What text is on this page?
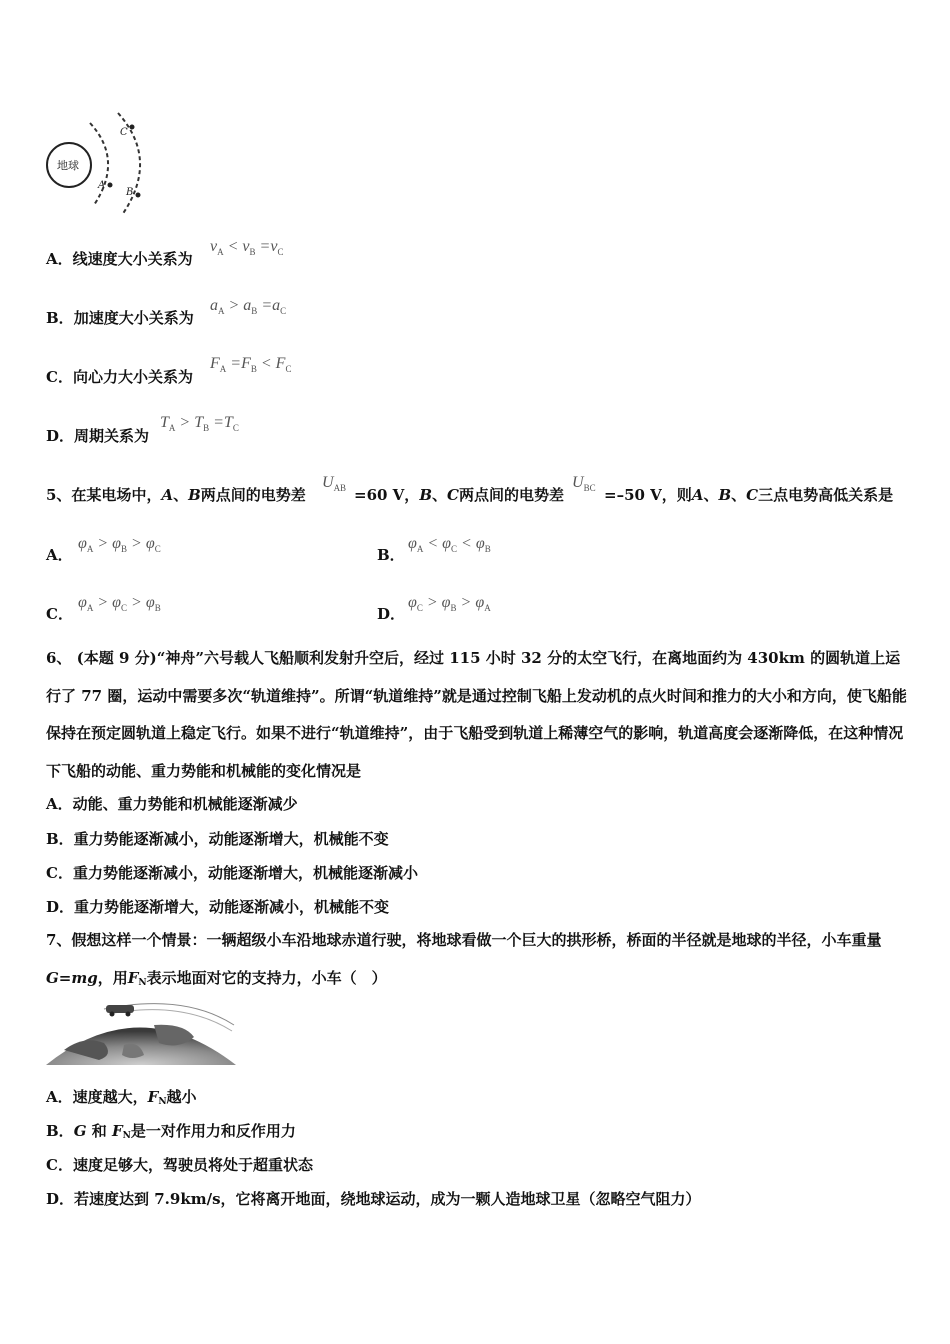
地球
A
B
C
A．线速度大小关系为
$v_A < v_B =v_C$
B．加速度大小关系为
$a_A > a_B =a_C$
C．向心力大小关系为
$F_A =F_B < F_C$
D．周期关系为
$T_A > T_B =T_C$
5、在某电场中，A、B两点间的电势差
$U_{AB} =60$ V，B、C两点间的电势差
$U_{BC} =-50$ V，则A、B、C三点电势高低关系是
A．
$\varphi_A > \varphi_B > \varphi_C$	B．
$\varphi_A < \varphi_C < \varphi_B$
C．
$\varphi_A > \varphi_C > \varphi_B$	D．
$\varphi_C > \varphi_B > \varphi_A$
6、 (本题 9 分)“神舟”六号载人飞船顺利发射升空后，经过 115 小时 32 分的太空飞行，在离地面约为 430km 的圆轨道上运行了 77 圈，运动中需要多次“轨道维持”。所谓“轨道维持”就是通过控制飞船上发动机的点火时间和推力的大小和方向，使飞船能保持在预定圆轨道上稳定飞行。如果不进行“轨道维持”，由于飞船受到轨道上稀薄空气的影响，轨道高度会逐渐降低，在这种情况下飞船的动能、重力势能和机械能的变化情况是
A．动能、重力势能和机械能逐渐减少
B．重力势能逐渐减小，动能逐渐增大，机械能不变
C．重力势能逐渐减小，动能逐渐增大，机械能逐渐减小
D．重力势能逐渐增大，动能逐渐减小，机械能不变
7、假想这样一个情景：一辆超级小车沿地球赤道行驶，将地球看做一个巨大的拱形桥，桥面的半径就是地球的半径，小车重量G=mg，用$F_N$表示地面对它的支持力，小车（　）
A．速度越大，$F_N$越小
B．G 和 $F_N$是一对作用力和反作用力
C．速度足够大，驾驶员将处于超重状态
D．若速度达到 7.9km/s，它将离开地面，绕地球运动，成为一颗人造地球卫星（忽略空气阻力）
